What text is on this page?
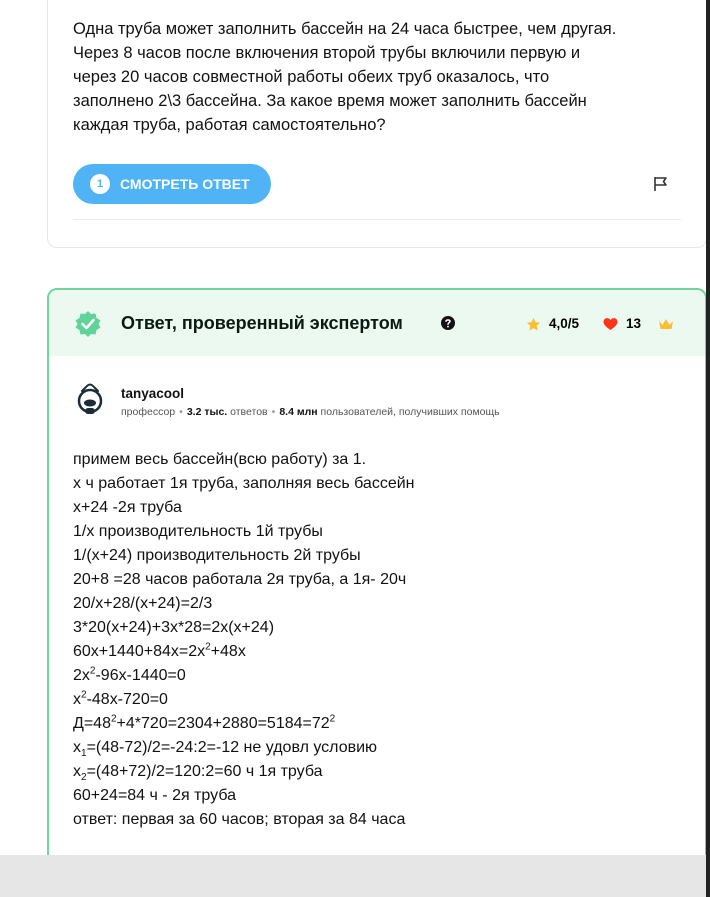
Одна труба может заполнить бассейн на 24 часа быстрее, чем другая.
Через 8 часов после включения второй трубы включили первую и
через 20 часов совместной работы обеих труб оказалось, что
заполнено 2\3 бассейна. За какое время может заполнить бассейн
каждая труба, работая самостоятельно?
1	СМОТРЕТЬ ОТВЕТ
Ответ, проверенный экспертом	4,0/5	13
tanyacool
профессор • 3.2 тыс. ответов • 8.4 млн пользователей, получивших помощь
примем весь бассейн(всю работу) за 1.
x ч работает 1я труба, заполняя весь бассейн
x+24 -2я труба
1/x производительность 1й трубы
1/(x+24) производительность 2й трубы
20+8 =28 часов работала 2я труба, а 1я- 20ч
20/x+28/(x+24)=2/3
3*20(x+24)+3x*28=2x(x+24)
$60x+1440+84x=2x^2+48x$
$2x^2-96x-1440=0$
$x^2-48x-720=0$
$Д=48^2+4*720=2304+2880=5184=72^2$
$x_1=(48-72)/2=-24:2=-12$ не удовл условию
$x_2=(48+72)/2=120:2=60$ ч 1я труба
60+24=84 ч - 2я труба
ответ: первая за 60 часов; вторая за 84 часа
